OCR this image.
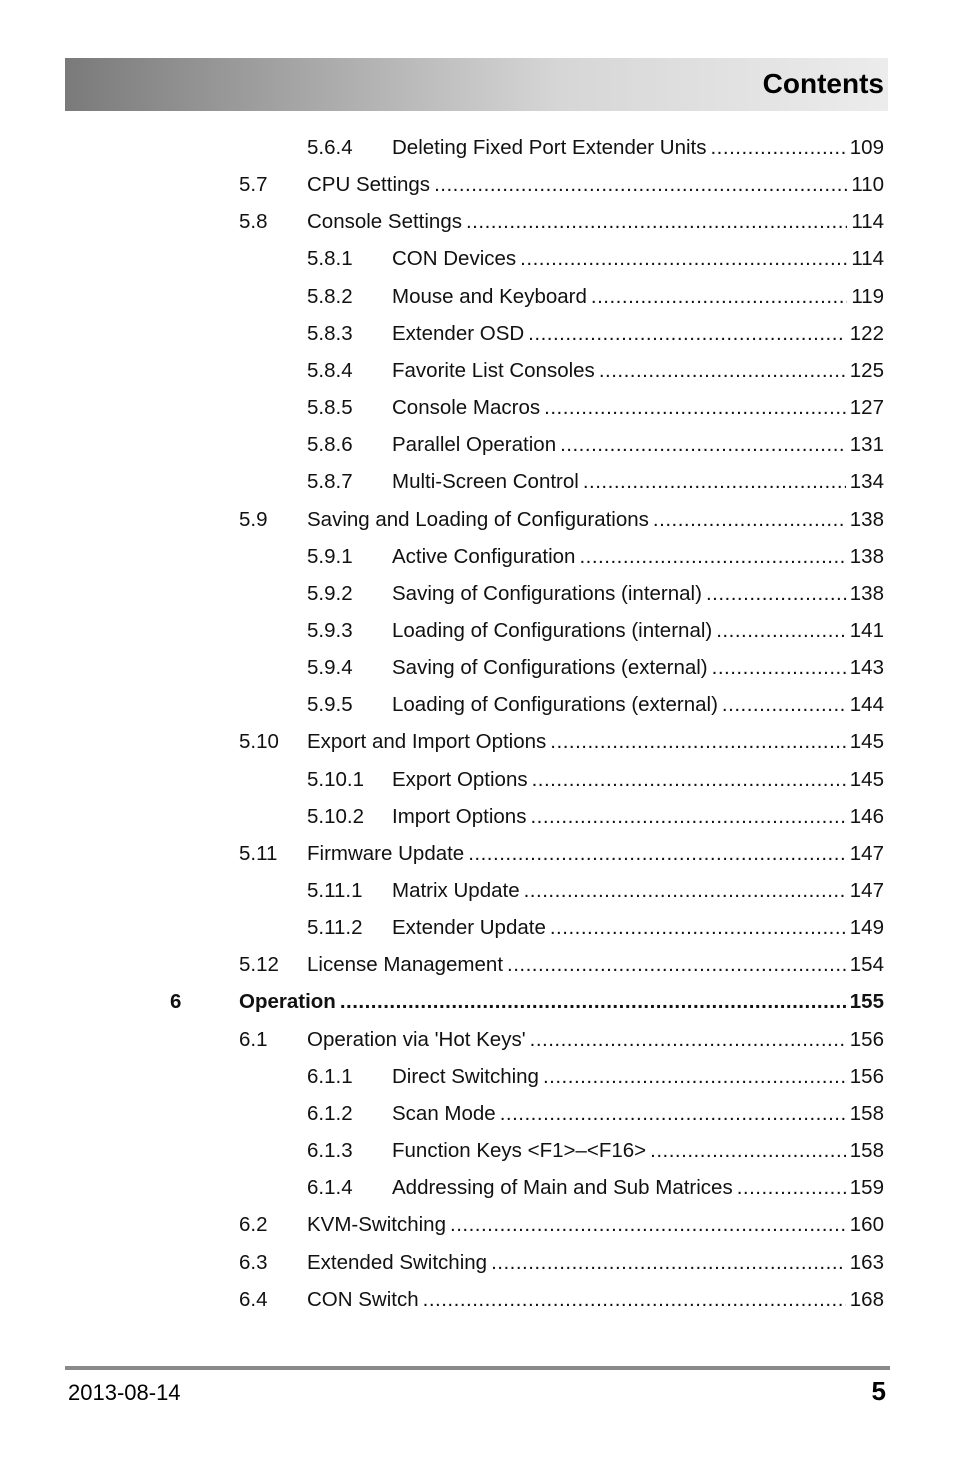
Contents
5.6.4 Deleting Fixed Port Extender Units .....	109
5.7 CPU Settings .....	110
5.8 Console Settings .....	114
5.8.1 CON Devices .....	114
5.8.2 Mouse and Keyboard .....	119
5.8.3 Extender OSD .....	122
5.8.4 Favorite List Consoles .....	125
5.8.5 Console Macros .....	127
5.8.6 Parallel Operation .....	131
5.8.7 Multi-Screen Control .....	134
5.9 Saving and Loading of Configurations .....	138
5.9.1 Active Configuration .....	138
5.9.2 Saving of Configurations (internal) .....	138
5.9.3 Loading of Configurations (internal) .....	141
5.9.4 Saving of Configurations (external) .....	143
5.9.5 Loading of Configurations (external) .....	144
5.10 Export and Import Options .....	145
5.10.1 Export Options .....	145
5.10.2 Import Options .....	146
5.11 Firmware Update .....	147
5.11.1 Matrix Update .....	147
5.11.2 Extender Update .....	149
5.12 License Management .....	154
6	Operation .....	155
6.1 Operation via 'Hot Keys' .....	156
6.1.1 Direct Switching .....	156
6.1.2 Scan Mode .....	158
6.1.3 Function Keys <F1>–<F16> .....	158
6.1.4 Addressing of Main and Sub Matrices .....	159
6.2 KVM-Switching .....	160
6.3 Extended Switching .....	163
6.4 CON Switch .....	168
2013-08-14	5
